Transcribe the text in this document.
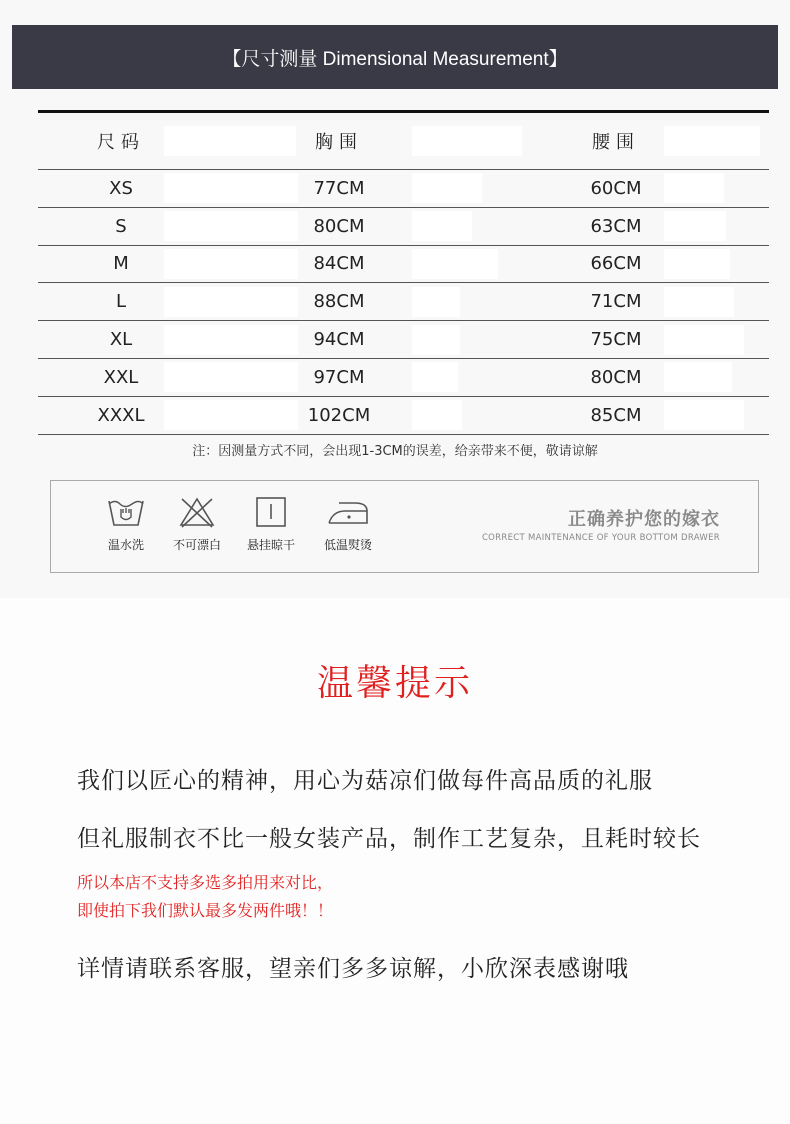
【尺寸测量 Dimensional Measurement】
尺码	胸围	腰围
XS	77CM	60CM
S	80CM	63CM
M	84CM	66CM
L	88CM	71CM
XL	94CM	75CM
XXL	97CM	80CM
XXXL	102CM	85CM
注：因测量方式不同，会出现1-3CM的误差，给亲带来不便，敬请谅解
温水洗	不可漂白	悬挂晾干	低温熨烫
正确养护您的嫁衣
CORRECT MAINTENANCE OF YOUR BOTTOM DRAWER
温馨提示
我们以匠心的精神，用心为菇凉们做每件高品质的礼服
但礼服制衣不比一般女装产品，制作工艺复杂，且耗时较长
所以本店不支持多选多拍用来对比，
即使拍下我们默认最多发两件哦！！
详情请联系客服，望亲们多多谅解，小欣深表感谢哦
